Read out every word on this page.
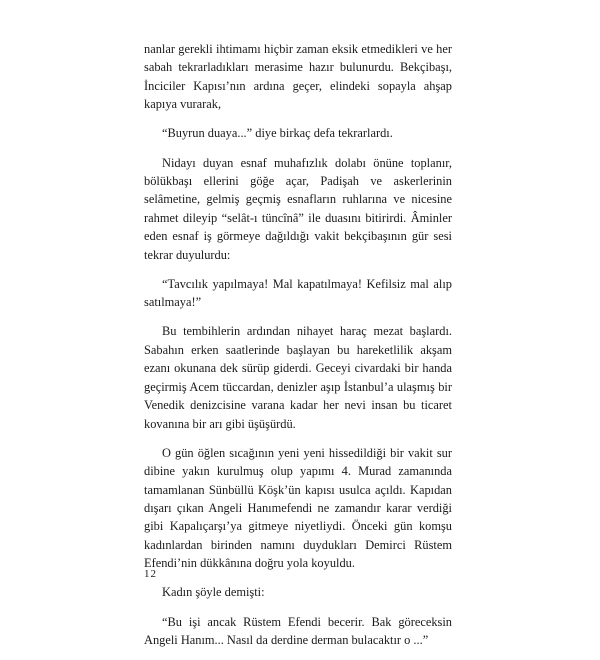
nanlar gerekli ihtimamı hiçbir zaman eksik etmedikleri ve her sabah tekrarladıkları merasime hazır bulunurdu. Bekçibaşı, İnciciler Kapısı’nın ardına geçer, elindeki sopayla ahşap kapıya vurarak,

“Buyrun duaya...” diye birkaç defa tekrarlardı.

Nidayı duyan esnaf muhafızlık dolabı önüne toplanır, bölükbaşı ellerini göğe açar, Padişah ve askerlerinin selâmetine, gelmiş geçmiş esnafların ruhlarına ve nicesine rahmet dileyip “selât-ı tüncînâ” ile duasını bitirirdi. Âminler eden esnaf iş görmeye dağıldığı vakit bekçibaşının gür sesi tekrar duyulurdu:

“Tavcılık yapılmaya! Mal kapatılmaya! Kefilsiz mal alıp satılmaya!”

Bu tembihlerin ardından nihayet haraç mezat başlardı. Sabahın erken saatlerinde başlayan bu hareketlilik akşam ezanı okunana dek sürüp giderdi. Geceyi civardaki bir handa geçirmiş Acem tüccardan, denizler aşıp İstanbul’a ulaşmış bir Venedik denizcisine varana kadar her nevi insan bu ticaret kovanına bir arı gibi üşüşürdü.

O gün öğlen sıcağının yeni yeni hissedildiği bir vakit sur dibine yakın kurulmuş olup yapımı 4. Murad zamanında tamamlanan Sünbüllü Köşk’ün kapısı usulca açıldı. Kapıdan dışarı çıkan Angeli Hanımefendi ne zamandır karar verdiği gibi Kapalıçarşı’ya gitmeye niyetliydi. Önceki gün komşu kadınlardan birinden namını duydukları Demirci Rüstem Efendi’nin dükkânına doğru yola koyuldu.

Kadın şöyle demişti:

“Bu işi ancak Rüstem Efendi becerir. Bak göreceksin Angeli Hanım... Nasıl da derdine derman bulacaktır o ...”

12
